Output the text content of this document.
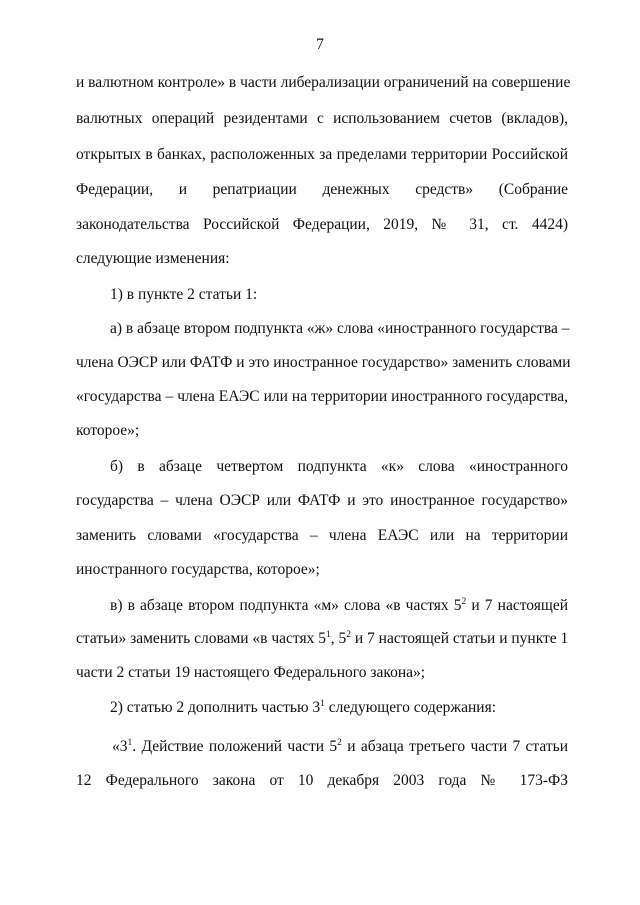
7
и валютном контроле» в части либерализации ограничений на совершение
валютных операций резидентами с использованием счетов (вкладов),
открытых в банках, расположенных за пределами территории Российской
Федерации, и репатриации денежных средств» (Собрание
законодательства Российской Федерации, 2019, № 31, ст. 4424)
следующие изменения:
1) в пункте 2 статьи 1:
а) в абзаце втором подпункта «ж» слова «иностранного государства –
члена ОЭСР или ФАТФ и это иностранное государство» заменить словами
«государства – члена ЕАЭС или на территории иностранного государства,
которое»;
б) в абзаце четвертом подпункта «к» слова «иностранного
государства – члена ОЭСР или ФАТФ и это иностранное государство»
заменить словами «государства – члена ЕАЭС или на территории
иностранного государства, которое»;
в) в абзаце втором подпункта «м» слова «в частях $5^2$ и 7 настоящей
статьи» заменить словами «в частях $5^1$, $5^2$ и 7 настоящей статьи и пункте 1
части 2 статьи 19 настоящего Федерального закона»;
2) статью 2 дополнить частью $3^1$ следующего содержания:
«$3^1$. Действие положений части $5^2$ и абзаца третьего части 7 статьи
12 Федерального закона от 10 декабря 2003 года № 173-ФЗ
